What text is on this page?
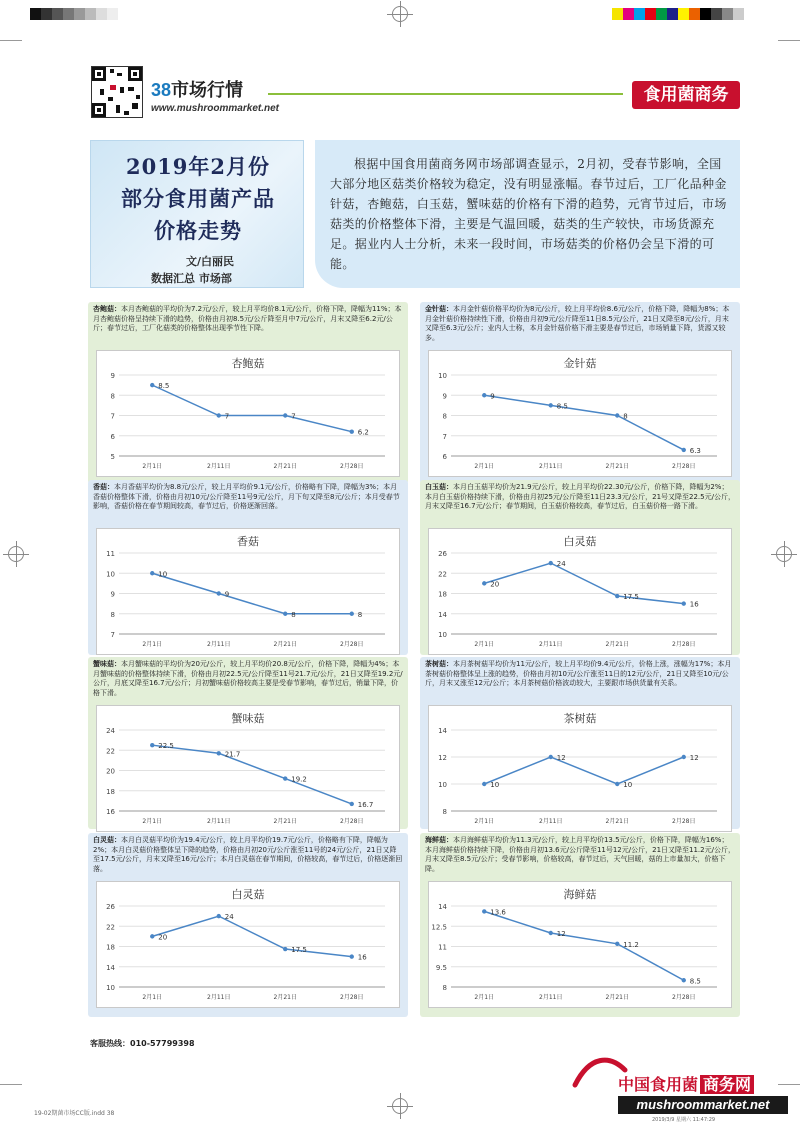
38市场行情
www.mushroommarket.net
食用菌商务
2019年2月份
部分食用菌产品
价格走势
文/白丽民
数据汇总 市场部
根据中国食用菌商务网市场部调查显示，2月初，受春节影响，全国大部分地区菇类价格较为稳定，没有明显涨幅。春节过后，工厂化品种金针菇，杏鲍菇，白玉菇，蟹味菇的价格有下滑的趋势，元宵节过后，市场菇类的价格整体下滑，主要是气温回暖，菇类的生产较快，市场货源充足。据业内人士分析，未来一段时间，市场菇类的价格仍会呈下滑的可能。
杏鲍菇：本月杏鲍菇的平均价为7.2元/公斤，较上月平均价8.1元/公斤，价格下降，降幅为11%；本月杏鲍菇价格呈持续下滑的趋势，价格由月初8.5元/公斤降至月中7元/公斤，月末又降至6.2元/公斤；春节过后，工厂化菇类的价格整体出现季节性下降。
杏鲍菇
5
6
7
8
9
2月1日	2月11日	2月21日	2月28日
8.5
7	7
6.2
金针菇：本月金针菇价格平均价为8元/公斤，较上月平均价8.6元/公斤，价格下降，降幅为8%；本月金针菇价格持续性下滑，价格由月初9元/公斤降至11日8.5元/公斤，21日又降至8元/公斤，月末又降至6.3元/公斤；业内人士称，本月金针菇价格下滑主要是春节过后，市场销量下降，货源又较多。
金针菇
6
7
8
9
10
2月1日	2月11日	2月21日	2月28日
9
8.5
8
6.3
香菇：本月香菇平均价为8.8元/公斤，较上月平均价9.1元/公斤，价格略有下降，降幅为3%；本月香菇价格整体下滑，价格由月初10元/公斤降至11号9元/公斤，月下旬又降至8元/公斤；本月受春节影响，香菇价格在春节期间较高，春节过后，价格逐渐回落。
香菇
7
8
9
10
11
2月1日	2月11日	2月21日	2月28日
10
9
8	8
白玉菇：本月白玉菇平均价为21.9元/公斤，较上月平均价22.30元/公斤，价格下降，降幅为2%；本月白玉菇价格持续下滑，价格由月初25元/公斤降至11日23.3元/公斤，21号又降至22.5元/公斤，月末又降至16.7元/公斤；春节期间，白玉菇价格较高，春节过后，白玉菇价格一路下滑。
白灵菇
10
14
18
22
26
2月1日	2月11日	2月21日	2月28日
20
24
17.5
16
蟹味菇：本月蟹味菇的平均价为20元/公斤，较上月平均价20.8元/公斤，价格下降，降幅为4%；本月蟹味菇的价格整体持续下滑，价格由月初22.5元/公斤降至11号21.7元/公斤，21日又降至19.2元/公斤，月底又降至16.7元/公斤；月初蟹味菇价格较高主要是受春节影响，春节过后，销量下降，价格下滑。
蟹味菇
16
18
20
22
24
2月1日	2月11日	2月21日	2月28日
22.5
21.7
19.2
16.7
茶树菇：本月茶树菇平均价为11元/公斤，较上月平均价9.4元/公斤，价格上涨，涨幅为17%；本月茶树菇价格整体呈上涨的趋势，价格由月初10元/公斤涨至11日的12元/公斤，21日又降至10元/公斤，月末又涨至12元/公斤；本月茶树菇价格波动较大，主要跟市场供货量有关系。
茶树菇
8
10
12
14
2月1日	2月11日	2月21日	2月28日
10
12
10
12
白灵菇：本月白灵菇平均价为19.4元/公斤，较上月平均价19.7元/公斤，价格略有下降，降幅为2%；本月白灵菇价格整体呈下降的趋势，价格由月初20元/公斤涨至11号的24元/公斤，21日又降至17.5元/公斤，月末又降至16元/公斤；本月白灵菇在春节期间，价格较高，春节过后，价格逐渐回落。
白灵菇
10
14
18
22
26
2月1日	2月11日	2月21日	2月28日
20
24
17.5
16
海鲜菇：本月海鲜菇平均价为11.3元/公斤，较上月平均价13.5元/公斤，价格下降，降幅为16%；本月海鲜菇价格持续下降，价格由月初13.6元/公斤降至11号12元/公斤，21日又降至11.2元/公斤，月末又降至8.5元/公斤；受春节影响，价格较高，春节过后，天气回暖，菇的上市量加大，价格下降。
海鲜菇
8
9.5
11
12.5
14
2月1日	2月11日	2月21日	2月28日
13.6
12
11.2
8.5
客服热线：010-57799398
中国食用菌 商务网
mushroommarket.net
19-02期菌市场CC版.indd 38
2019/3/9 星期六 11:47:29
